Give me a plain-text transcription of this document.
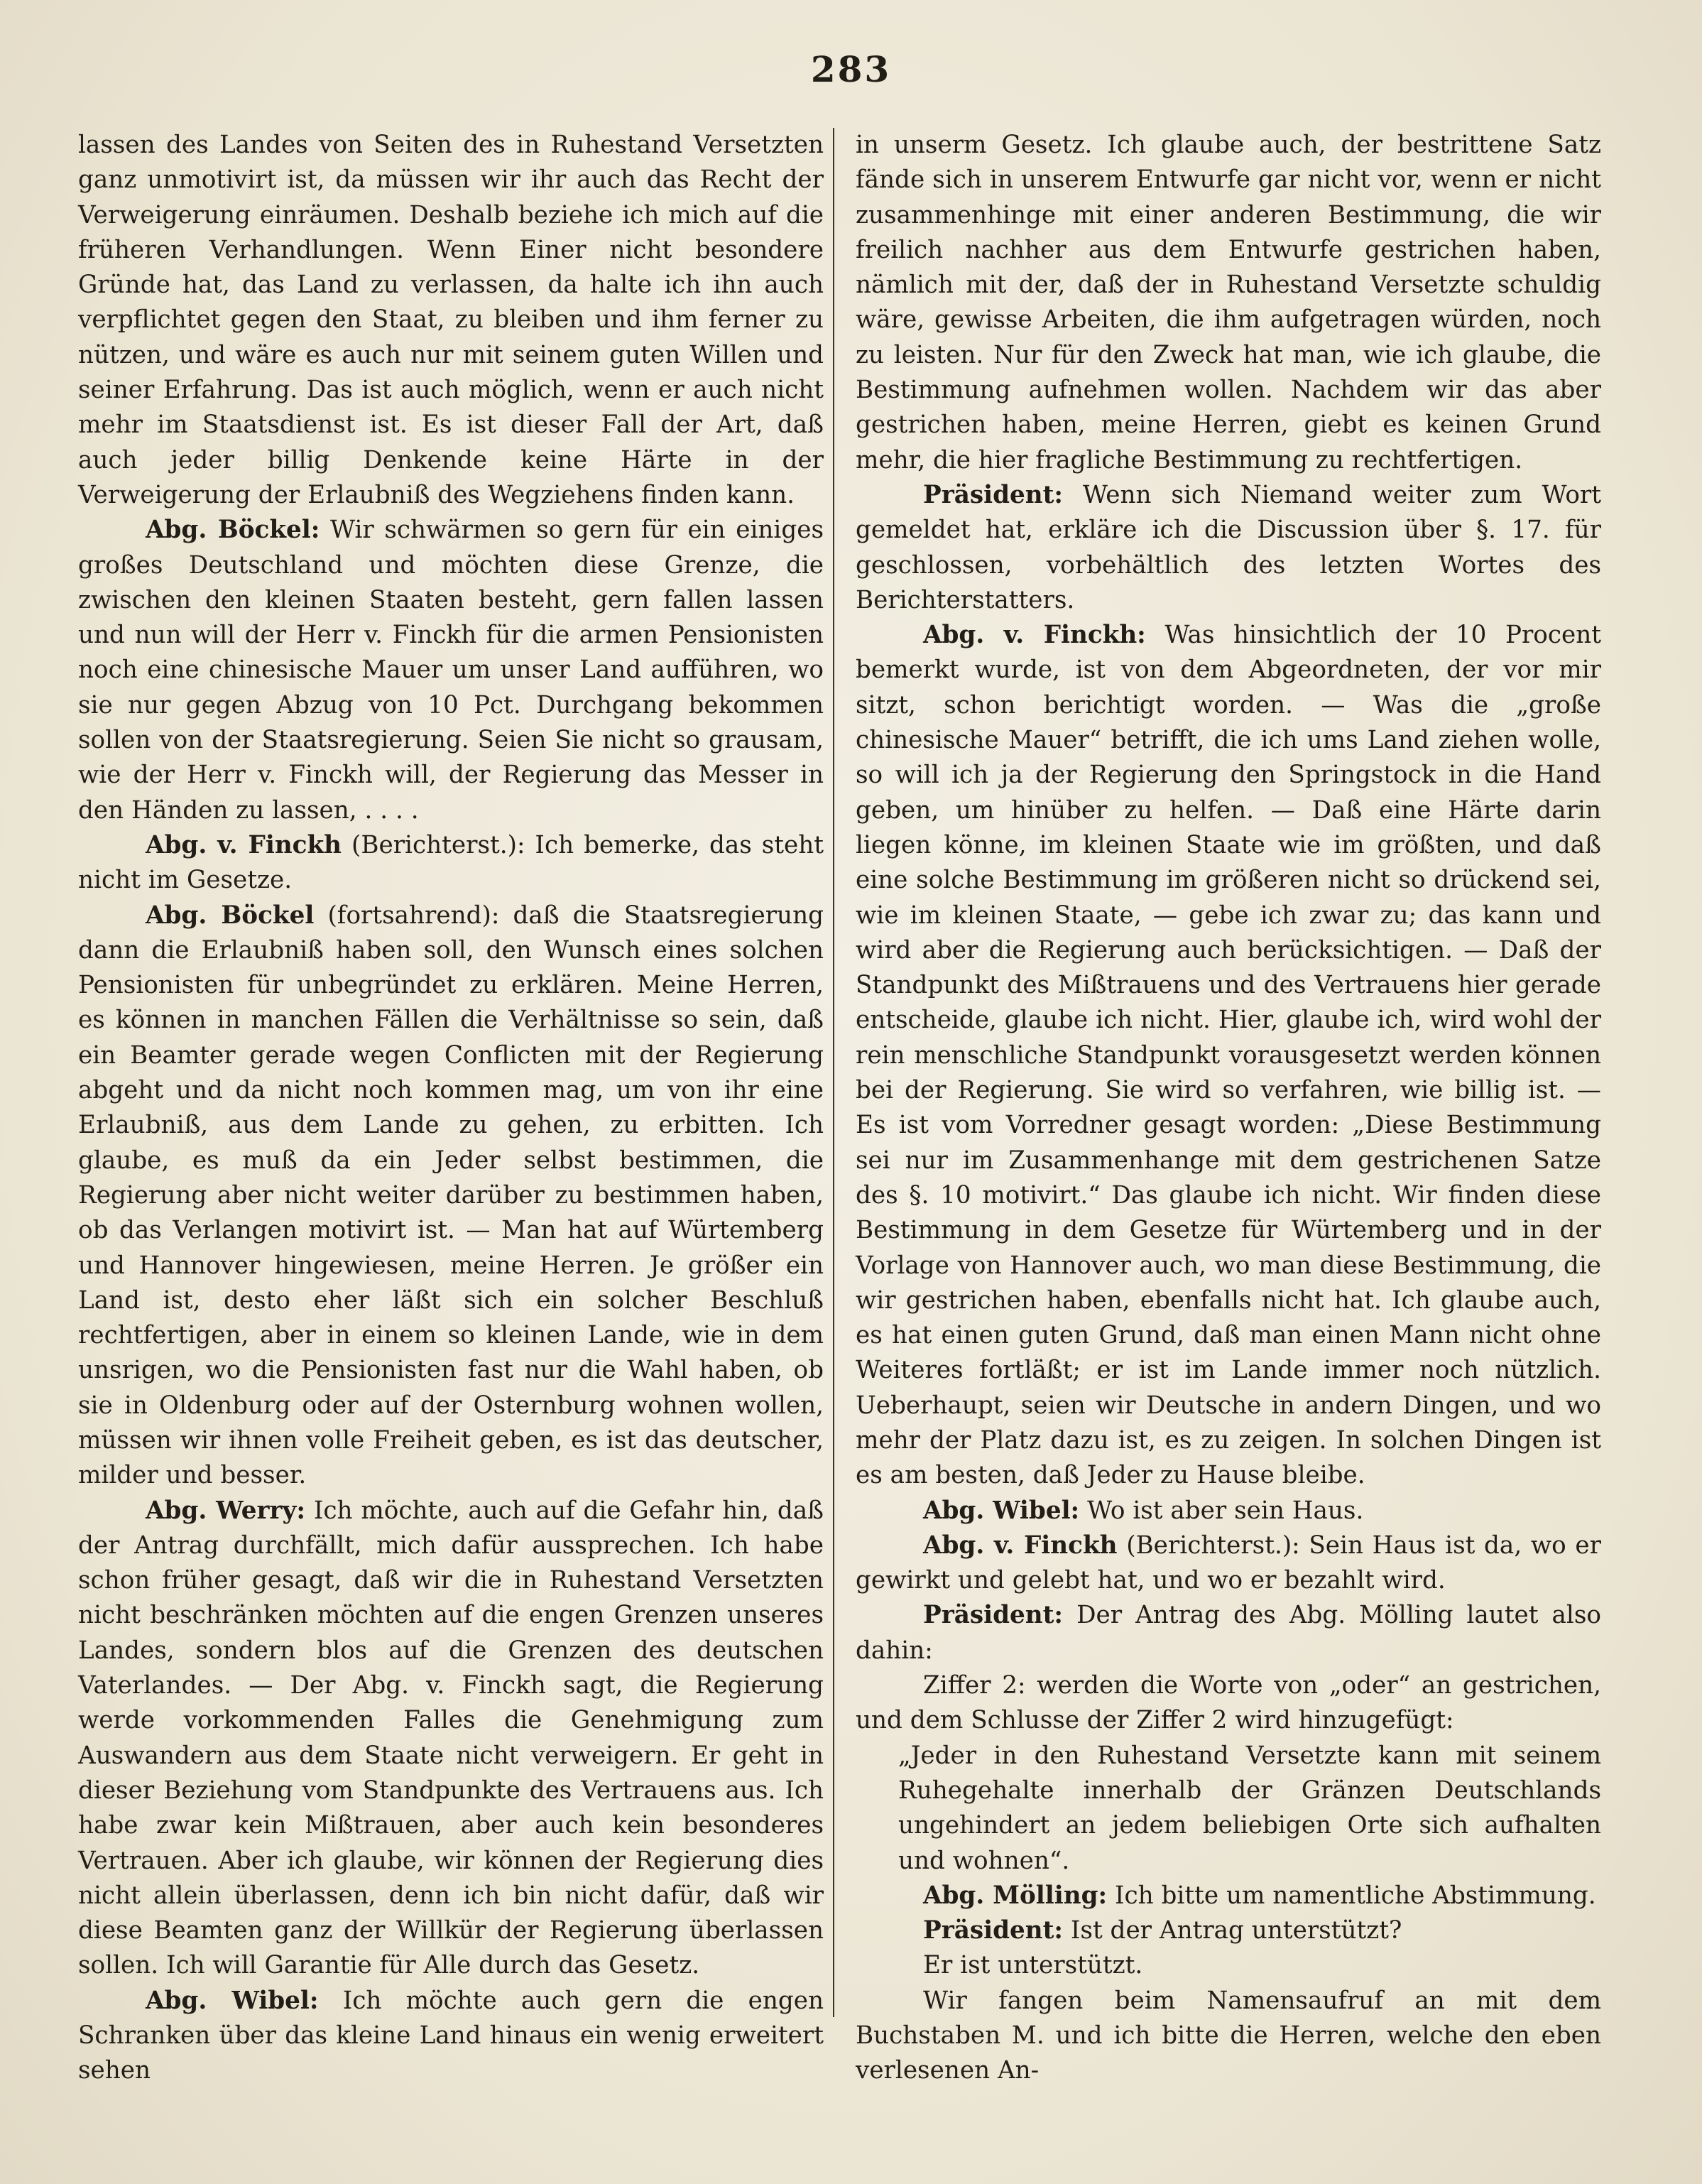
283

lassen des Landes von Seiten des in Ruhestand Versetzten ganz unmotivirt ist, da müssen wir ihr auch das Recht der Verweigerung einräumen. Deshalb beziehe ich mich auf die früheren Verhandlungen. Wenn Einer nicht besondere Gründe hat, das Land zu verlassen, da halte ich ihn auch verpflichtet gegen den Staat, zu bleiben und ihm ferner zu nützen, und wäre es auch nur mit seinem guten Willen und seiner Erfahrung. Das ist auch möglich, wenn er auch nicht mehr im Staatsdienst ist. Es ist dieser Fall der Art, daß auch jeder billig Denkende keine Härte in der Verweigerung der Erlaubniß des Wegziehens finden kann.

Abg. Böckel: Wir schwärmen so gern für ein einiges großes Deutschland und möchten diese Grenze, die zwischen den kleinen Staaten besteht, gern fallen lassen und nun will der Herr v. Finckh für die armen Pensionisten noch eine chinesische Mauer um unser Land aufführen, wo sie nur gegen Abzug von 10 Pct. Durchgang bekommen sollen von der Staatsregierung. Seien Sie nicht so grausam, wie der Herr v. Finckh will, der Regierung das Messer in den Händen zu lassen, . . . .

Abg. v. Finckh (Berichterst.): Ich bemerke, das steht nicht im Gesetze.

Abg. Böckel (fortsahrend): daß die Staatsregierung dann die Erlaubniß haben soll, den Wunsch eines solchen Pensionisten für unbegründet zu erklären. Meine Herren, es können in manchen Fällen die Verhältnisse so sein, daß ein Beamter gerade wegen Conflicten mit der Regierung abgeht und da nicht noch kommen mag, um von ihr eine Erlaubniß, aus dem Lande zu gehen, zu erbitten. Ich glaube, es muß da ein Jeder selbst bestimmen, die Regierung aber nicht weiter darüber zu bestimmen haben, ob das Verlangen motivirt ist. — Man hat auf Würtemberg und Hannover hingewiesen, meine Herren. Je größer ein Land ist, desto eher läßt sich ein solcher Beschluß rechtfertigen, aber in einem so kleinen Lande, wie in dem unsrigen, wo die Pensionisten fast nur die Wahl haben, ob sie in Oldenburg oder auf der Osternburg wohnen wollen, müssen wir ihnen volle Freiheit geben, es ist das deutscher, milder und besser.

Abg. Werry: Ich möchte, auch auf die Gefahr hin, daß der Antrag durchfällt, mich dafür aussprechen. Ich habe schon früher gesagt, daß wir die in Ruhestand Versetzten nicht beschränken möchten auf die engen Grenzen unseres Landes, sondern blos auf die Grenzen des deutschen Vaterlandes. — Der Abg. v. Finckh sagt, die Regierung werde vorkommenden Falles die Genehmigung zum Auswandern aus dem Staate nicht verweigern. Er geht in dieser Beziehung vom Standpunkte des Vertrauens aus. Ich habe zwar kein Mißtrauen, aber auch kein besonderes Vertrauen. Aber ich glaube, wir können der Regierung dies nicht allein überlassen, denn ich bin nicht dafür, daß wir diese Beamten ganz der Willkür der Regierung überlassen sollen. Ich will Garantie für Alle durch das Gesetz.

Abg. Wibel: Ich möchte auch gern die engen Schranken über das kleine Land hinaus ein wenig erweitert sehen

in unserm Gesetz. Ich glaube auch, der bestrittene Satz fände sich in unserem Entwurfe gar nicht vor, wenn er nicht zusammenhinge mit einer anderen Bestimmung, die wir freilich nachher aus dem Entwurfe gestrichen haben, nämlich mit der, daß der in Ruhestand Versetzte schuldig wäre, gewisse Arbeiten, die ihm aufgetragen würden, noch zu leisten. Nur für den Zweck hat man, wie ich glaube, die Bestimmung aufnehmen wollen. Nachdem wir das aber gestrichen haben, meine Herren, giebt es keinen Grund mehr, die hier fragliche Bestimmung zu rechtfertigen.

Präsident: Wenn sich Niemand weiter zum Wort gemeldet hat, erkläre ich die Discussion über §. 17. für geschlossen, vorbehältlich des letzten Wortes des Berichterstatters.

Abg. v. Finckh: Was hinsichtlich der 10 Procent bemerkt wurde, ist von dem Abgeordneten, der vor mir sitzt, schon berichtigt worden. — Was die „große chinesische Mauer“ betrifft, die ich ums Land ziehen wolle, so will ich ja der Regierung den Springstock in die Hand geben, um hinüber zu helfen. — Daß eine Härte darin liegen könne, im kleinen Staate wie im größten, und daß eine solche Bestimmung im größeren nicht so drückend sei, wie im kleinen Staate, — gebe ich zwar zu; das kann und wird aber die Regierung auch berücksichtigen. — Daß der Standpunkt des Mißtrauens und des Vertrauens hier gerade entscheide, glaube ich nicht. Hier, glaube ich, wird wohl der rein menschliche Standpunkt vorausgesetzt werden können bei der Regierung. Sie wird so verfahren, wie billig ist. — Es ist vom Vorredner gesagt worden: „Diese Bestimmung sei nur im Zusammenhange mit dem gestrichenen Satze des §. 10 motivirt.“ Das glaube ich nicht. Wir finden diese Bestimmung in dem Gesetze für Würtemberg und in der Vorlage von Hannover auch, wo man diese Bestimmung, die wir gestrichen haben, ebenfalls nicht hat. Ich glaube auch, es hat einen guten Grund, daß man einen Mann nicht ohne Weiteres fortläßt; er ist im Lande immer noch nützlich. Ueberhaupt, seien wir Deutsche in andern Dingen, und wo mehr der Platz dazu ist, es zu zeigen. In solchen Dingen ist es am besten, daß Jeder zu Hause bleibe.

Abg. Wibel: Wo ist aber sein Haus.

Abg. v. Finckh (Berichterst.): Sein Haus ist da, wo er gewirkt und gelebt hat, und wo er bezahlt wird.

Präsident: Der Antrag des Abg. Mölling lautet also dahin:

Ziffer 2: werden die Worte von „oder“ an gestrichen, und dem Schlusse der Ziffer 2 wird hinzugefügt:

„Jeder in den Ruhestand Versetzte kann mit seinem Ruhegehalte innerhalb der Gränzen Deutschlands ungehindert an jedem beliebigen Orte sich aufhalten und wohnen“.

Abg. Mölling: Ich bitte um namentliche Abstimmung.

Präsident: Ist der Antrag unterstützt?

Er ist unterstützt.

Wir fangen beim Namensaufruf an mit dem Buchstaben M. und ich bitte die Herren, welche den eben verlesenen An-
